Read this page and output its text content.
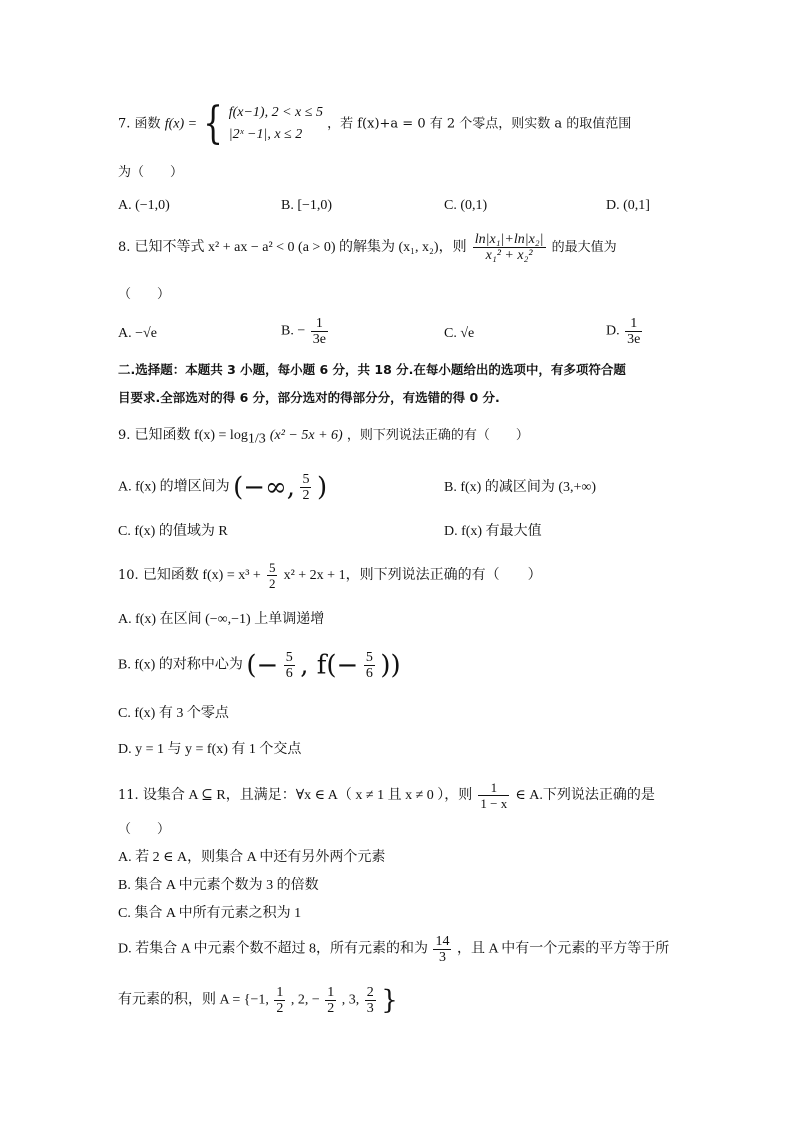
7. 函数 f(x) = { f(x−1), 2 < x ≤ 5
|2ˣ −1|, x ≤ 2
，若 f(x)+a = 0 有 2 个零点，则实数 a 的取值范围
为（　　）
A. (−1,0)	B. [−1,0)	C. (0,1)	D. (0,1]
8. 已知不等式 x² + ax − a² < 0 (a > 0) 的解集为 (x₁, x₂)，则 $\frac{\text{ln|x₁|+ln|x₂|}}{\text{x₁² + x₂²}}$ 的最大值为
（　　）
A. −√e	B. − $\frac{1}{3e}$	C. √e	D. $\frac{1}{3e}$
二.选择题：本题共 3 小题，每小题 6 分，共 18 分.在每小题给出的选项中，有多项符合题
目要求.全部选对的得 6 分，部分选对的得部分分，有选错的得 0 分.
9. 已知函数 $f(x) = \log_{1/3} (x^2 - 5x + 6)$ ，则下列说法正确的有（　　）
A. f(x) 的增区间为 (−∞, $\frac{5}{2}$ )	B. f(x) 的减区间为 (3,+∞)
C. f(x) 的值域为 R	D. f(x) 有最大值
10. 已知函数 $f(x) = x^3 + \frac{5}{2} x^2 + 2x + 1$，则下列说法正确的有（　　）
A. f(x) 在区间 (−∞,−1) 上单调递增
B. f(x) 的对称中心为 (− $\frac{5}{6}$ , $f(- \frac{5}{6}$ ))
C. f(x) 有 3 个零点
D. y = 1 与 y = f(x) 有 1 个交点
11. 设集合 A ⊆ R，且满足：∀x ∈ A（ x ≠ 1 且 x ≠ 0 ），则 $\frac{1}{1 - x}$ ∈ A.下列说法正确的是
（　　）
A. 若 2 ∈ A，则集合 A 中还有另外两个元素
B. 集合 A 中元素个数为 3 的倍数
C. 集合 A 中所有元素之积为 1
D. 若集合 A 中元素个数不超过 8，所有元素的和为 $\frac{14}{3}$ ，且 A 中有一个元素的平方等于所
有元素的积，则 A = {−1, $\frac{1}{2}$ , 2, − $\frac{1}{2}$ , 3, $\frac{2}{3}$ }
